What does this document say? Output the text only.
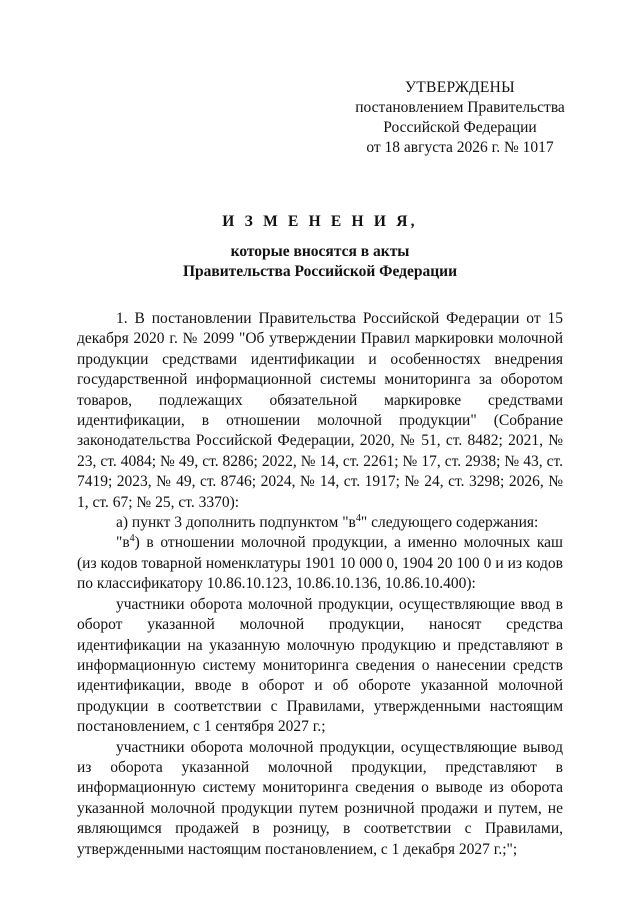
УТВЕРЖДЕНЫ
постановлением Правительства
Российской Федерации
от 18 августа 2026 г. № 1017
И З М Е Н Е Н И Я,
которые вносятся в акты
Правительства Российской Федерации

1. В постановлении Правительства Российской Федерации от 15 декабря 2020 г. № 2099 "Об утверждении Правил маркировки молочной продукции средствами идентификации и особенностях внедрения государственной информационной системы мониторинга за оборотом товаров, подлежащих обязательной маркировке средствами идентификации, в отношении молочной продукции" (Собрание законодательства Российской Федерации, 2020, № 51, ст. 8482; 2021, № 23, ст. 4084; № 49, ст. 8286; 2022, № 14, ст. 2261; № 17, ст. 2938; № 43, ст. 7419; 2023, № 49, ст. 8746; 2024, № 14, ст. 1917; № 24, ст. 3298; 2026, № 1, ст. 67; № 25, ст. 3370):

а) пункт 3 дополнить подпунктом "$в^4$" следующего содержания:

"$в^4$) в отношении молочной продукции, а именно молочных каш (из кодов товарной номенклатуры 1901 10 000 0, 1904 20 100 0 и из кодов по классификатору 10.86.10.123, 10.86.10.136, 10.86.10.400):

участники оборота молочной продукции, осуществляющие ввод в оборот указанной молочной продукции, наносят средства идентификации на указанную молочную продукцию и представляют в информационную систему мониторинга сведения о нанесении средств идентификации, вводе в оборот и об обороте указанной молочной продукции в соответствии с Правилами, утвержденными настоящим постановлением, с 1 сентября 2027 г.;

участники оборота молочной продукции, осуществляющие вывод из оборота указанной молочной продукции, представляют в информационную систему мониторинга сведения о выводе из оборота указанной молочной продукции путем розничной продажи и путем, не являющимся продажей в розницу, в соответствии с Правилами, утвержденными настоящим постановлением, с 1 декабря 2027 г.;";
